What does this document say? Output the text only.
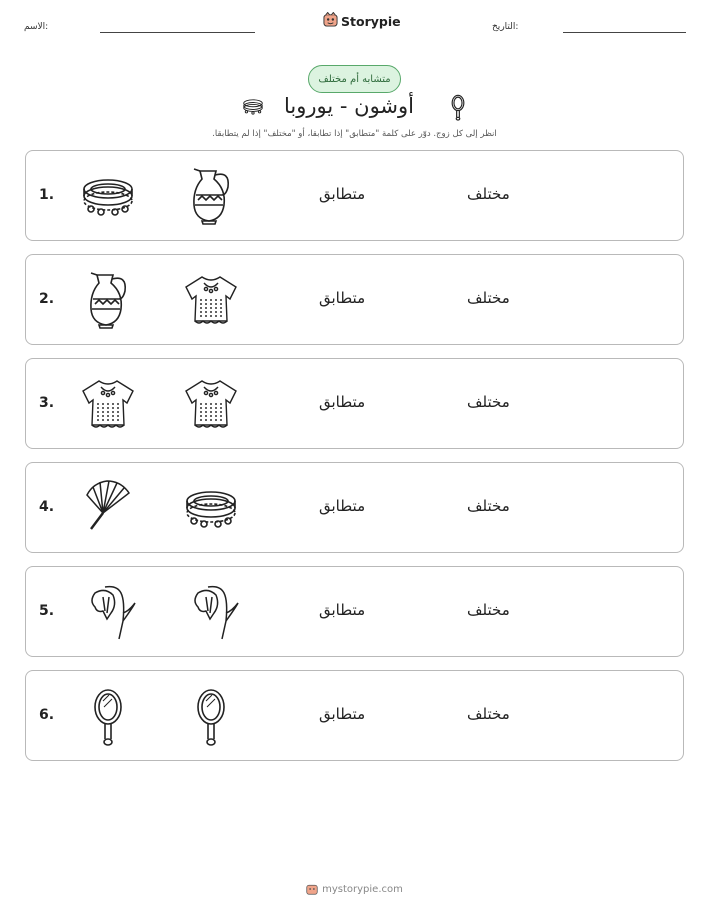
الاسم:	Storypie	التاريخ:
متشابه أم مختلف
أوشون - يوروبا
انظر إلى كل زوج. دوّر على كلمة "متطابق" إذا تطابقا، أو "مختلف" إذا لم يتطابقا.
1.	متطابق	مختلف
2.	متطابق	مختلف
3.	متطابق	مختلف
4.	متطابق	مختلف
5.	متطابق	مختلف
6.	متطابق	مختلف
mystorypie.com
